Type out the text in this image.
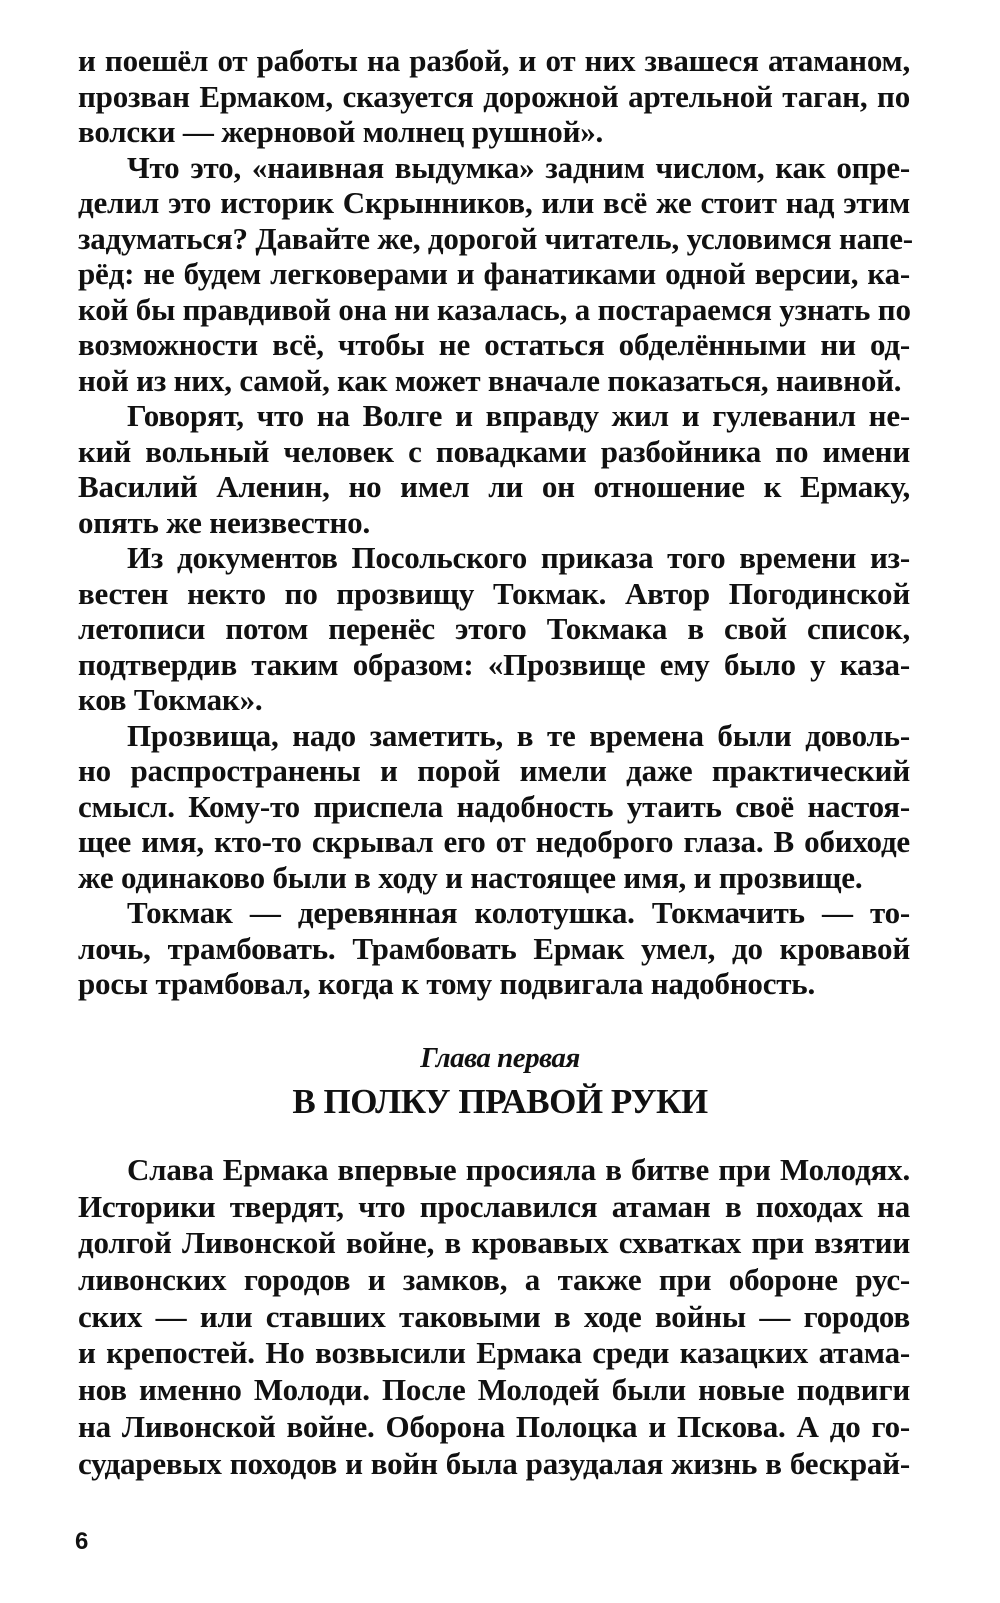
и поешёл от работы на разбой, и от них звашеся атаманом,
прозван Ермаком, сказуется дорожной артельной таган, по
волски — жерновой молнец рушной».
Что это, «наивная выдумка» задним числом, как опре-
делил это историк Скрынников, или всё же стоит над этим
задуматься? Давайте же, дорогой читатель, условимся напе-
рёд: не будем легковерами и фанатиками одной версии, ка-
кой бы правдивой она ни казалась, а постараемся узнать по
возможности всё, чтобы не остаться обделёнными ни од-
ной из них, самой, как может вначале показаться, наивной.
Говорят, что на Волге и вправду жил и гулеванил не-
кий вольный человек с повадками разбойника по имени
Василий Аленин, но имел ли он отношение к Ермаку,
опять же неизвестно.
Из документов Посольского приказа того времени из-
вестен некто по прозвищу Токмак. Автор Погодинской
летописи потом перенёс этого Токмака в свой список,
подтвердив таким образом: «Прозвище ему было у каза-
ков Токмак».
Прозвища, надо заметить, в те времена были доволь-
но распространены и порой имели даже практический
смысл. Кому-то приспела надобность утаить своё настоя-
щее имя, кто-то скрывал его от недоброго глаза. В обиходе
же одинаково были в ходу и настоящее имя, и прозвище.
Токмак — деревянная колотушка. Токмачить — то-
лочь, трамбовать. Трамбовать Ермак умел, до кровавой
росы трамбовал, когда к тому подвигала надобность.
Глава первая
В ПОЛКУ ПРАВОЙ РУКИ
Слава Ермака впервые просияла в битве при Молодях.
Историки твердят, что прославился атаман в походах на
долгой Ливонской войне, в кровавых схватках при взятии
ливонских городов и замков, а также при обороне рус-
ских — или ставших таковыми в ходе войны — городов
и крепостей. Но возвысили Ермака среди казацких атама-
нов именно Молоди. После Молодей были новые подвиги
на Ливонской войне. Оборона Полоцка и Пскова. А до го-
сударевых походов и войн была разудалая жизнь в бескрай-
6
